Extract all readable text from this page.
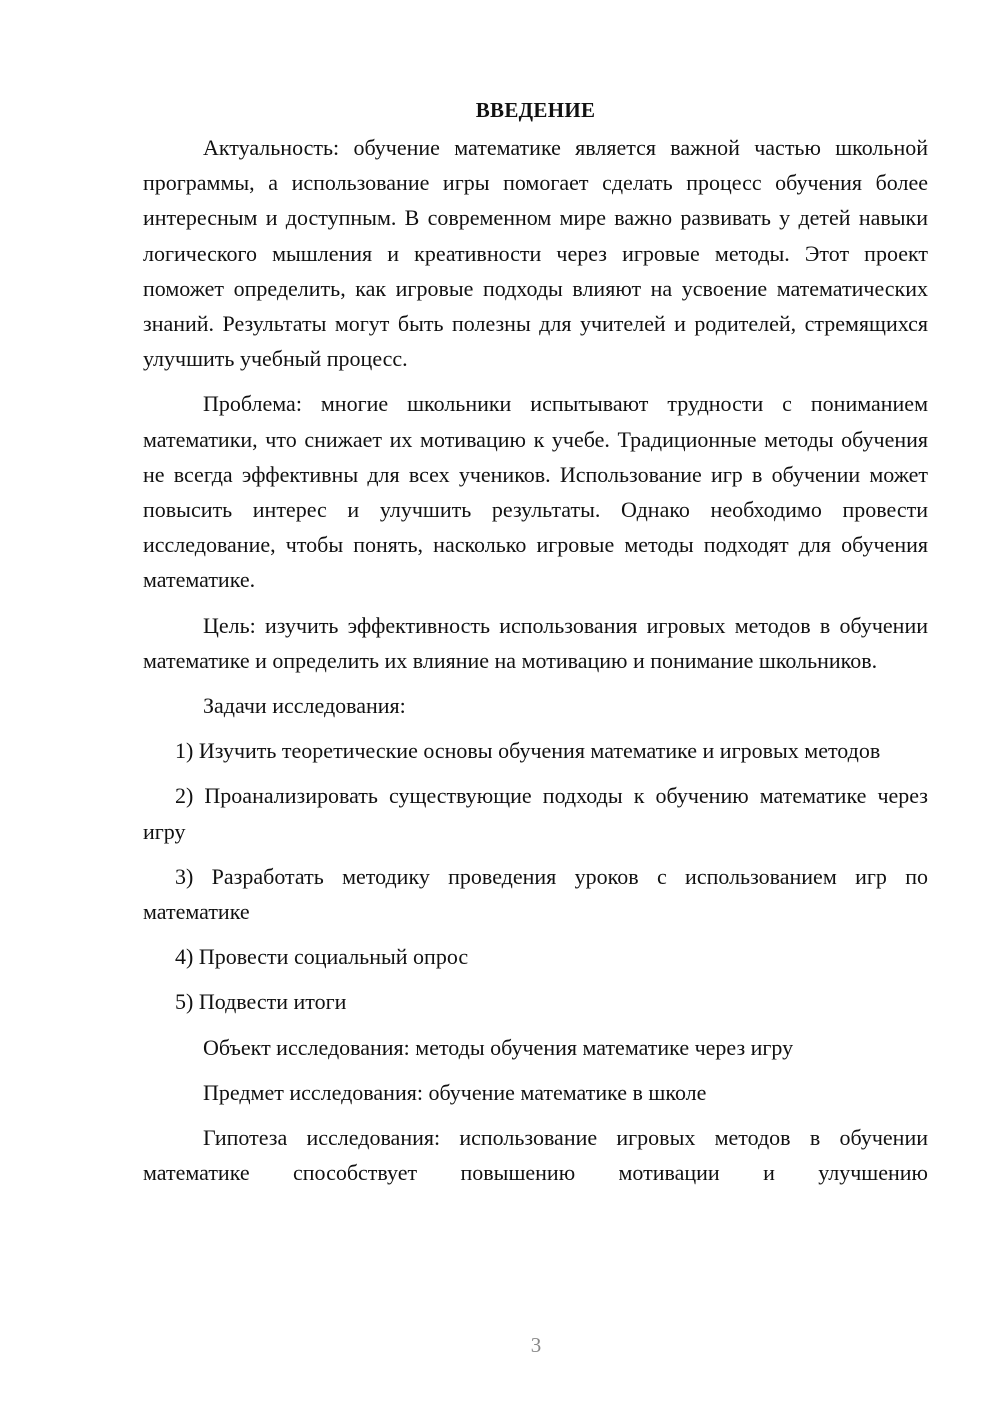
ВВЕДЕНИЕ

Актуальность: обучение математике является важной частью школьной программы, а использование игры помогает сделать процесс обучения более интересным и доступным. В современном мире важно развивать у детей навыки логического мышления и креативности через игровые методы. Этот проект поможет определить, как игровые подходы влияют на усвоение математических знаний. Результаты могут быть полезны для учителей и родителей, стремящихся улучшить учебный процесс.

Проблема: многие школьники испытывают трудности с пониманием математики, что снижает их мотивацию к учебе. Традиционные методы обучения не всегда эффективны для всех учеников. Использование игр в обучении может повысить интерес и улучшить результаты. Однако необходимо провести исследование, чтобы понять, насколько игровые методы подходят для обучения математике.

Цель: изучить эффективность использования игровых методов в обучении математике и определить их влияние на мотивацию и понимание школьников.

Задачи исследования:

1) Изучить теоретические основы обучения математике и игровых методов

2) Проанализировать существующие подходы к обучению математике через игру

3) Разработать методику проведения уроков с использованием игр по математике

4) Провести социальный опрос

5) Подвести итоги

Объект исследования: методы обучения математике через игру

Предмет исследования: обучение математике в школе

Гипотеза исследования: использование игровых методов в обучении математике способствует повышению мотивации и улучшению

3
